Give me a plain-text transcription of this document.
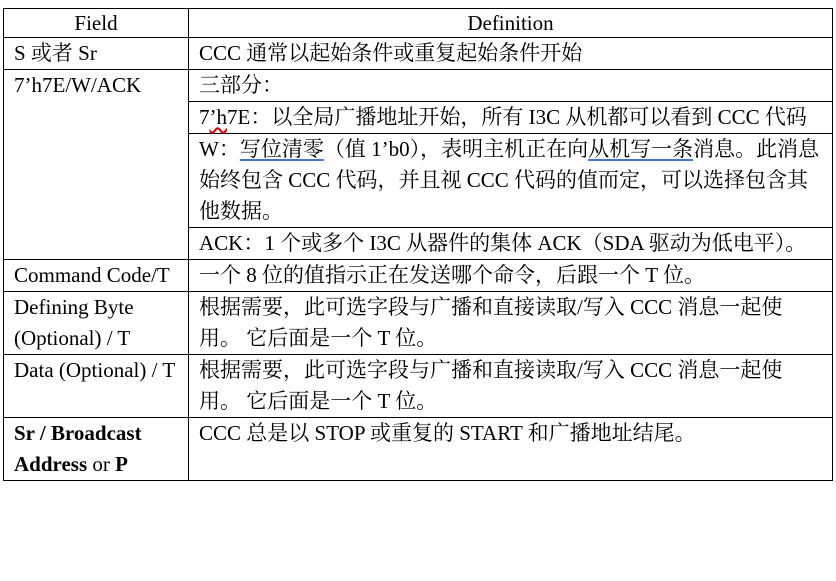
Field	Definition
S 或者 Sr	CCC 通常以起始条件或重复起始条件开始
7’h7E/W/ACK	三部分：
	7’h7E：以全局广播地址开始，所有 I3C 从机都可以看到 CCC 代码
	W：写位清零（值 1’b0），表明主机正在向从机写一条消息。此消息始终包含 CCC 代码，并且视 CCC 代码的值而定，可以选择包含其他数据。
	ACK：1 个或多个 I3C 从器件的集体 ACK（SDA 驱动为低电平）。
Command Code/T	一个 8 位的值指示正在发送哪个命令，后跟一个 T 位。
Defining Byte (Optional) / T	根据需要，此可选字段与广播和直接读取/写入 CCC 消息一起使用。 它后面是一个 T 位。
Data (Optional) / T	根据需要，此可选字段与广播和直接读取/写入 CCC 消息一起使用。 它后面是一个 T 位。
Sr / Broadcast Address or P	CCC 总是以 STOP 或重复的 START 和广播地址结尾。
